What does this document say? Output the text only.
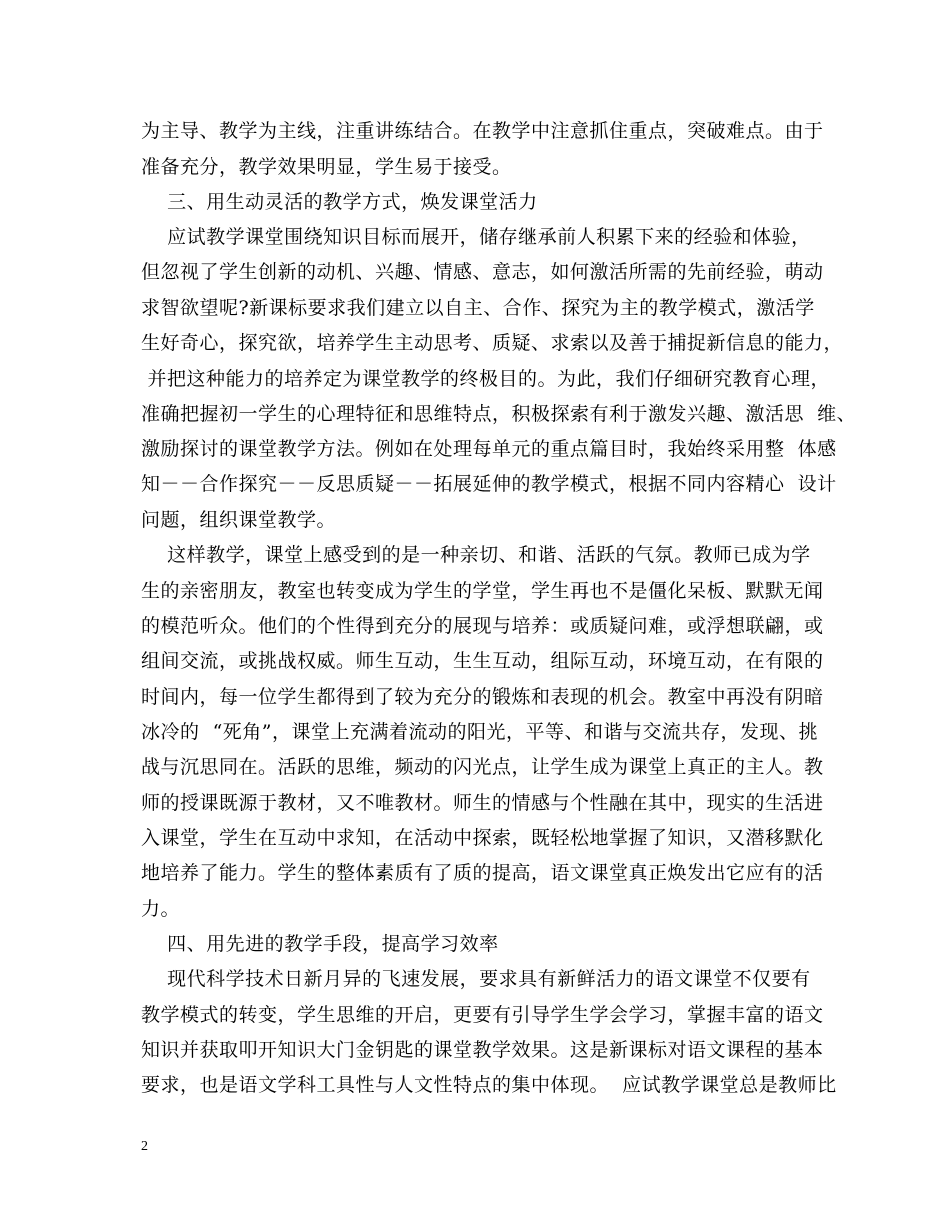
为主导、教学为主线，注重讲练结合。在教学中注意抓住重点，突破难点。由于
准备充分，教学效果明显，学生易于接受。
三、用生动灵活的教学方式，焕发课堂活力
应试教学课堂围绕知识目标而展开，储存继承前人积累下来的经验和体验，
但忽视了学生创新的动机、兴趣、情感、意志，如何激活所需的先前经验，萌动
求智欲望呢?新课标要求我们建立以自主、合作、探究为主的教学模式，激活学
生好奇心，探究欲，培养学生主动思考、质疑、求索以及善于捕捉新信息的能力，
并把这种能力的培养定为课堂教学的终极目的。为此，我们仔细研究教育心理，
准确把握初一学生的心理特征和思维特点，积极探索有利于激发兴趣、激活思  维、
激励探讨的课堂教学方法。例如在处理每单元的重点篇目时，我始终采用整  体感
知－－合作探究－－反思质疑－－拓展延伸的教学模式，根据不同内容精心  设计
问题，组织课堂教学。
这样教学，课堂上感受到的是一种亲切、和谐、活跃的气氛。教师已成为学
生的亲密朋友，教室也转变成为学生的学堂，学生再也不是僵化呆板、默默无闻
的模范听众。他们的个性得到充分的展现与培养：或质疑问难，或浮想联翩，或
组间交流，或挑战权威。师生互动，生生互动，组际互动，环境互动，在有限的
时间内，每一位学生都得到了较为充分的锻炼和表现的机会。教室中再没有阴暗
冰冷的  “死角”，课堂上充满着流动的阳光，平等、和谐与交流共存，发现、挑
战与沉思同在。活跃的思维，频动的闪光点，让学生成为课堂上真正的主人。教
师的授课既源于教材，又不唯教材。师生的情感与个性融在其中，现实的生活进
入课堂，学生在互动中求知，在活动中探索，既轻松地掌握了知识，又潜移默化
地培养了能力。学生的整体素质有了质的提高，语文课堂真正焕发出它应有的活
力。
四、用先进的教学手段，提高学习效率
现代科学技术日新月异的飞速发展，要求具有新鲜活力的语文课堂不仅要有
教学模式的转变，学生思维的开启，更要有引导学生学会学习，掌握丰富的语文
知识并获取叩开知识大门金钥匙的课堂教学效果。这是新课标对语文课程的基本
要求，也是语文学科工具性与人文性特点的集中体现。  应试教学课堂总是教师比
2
